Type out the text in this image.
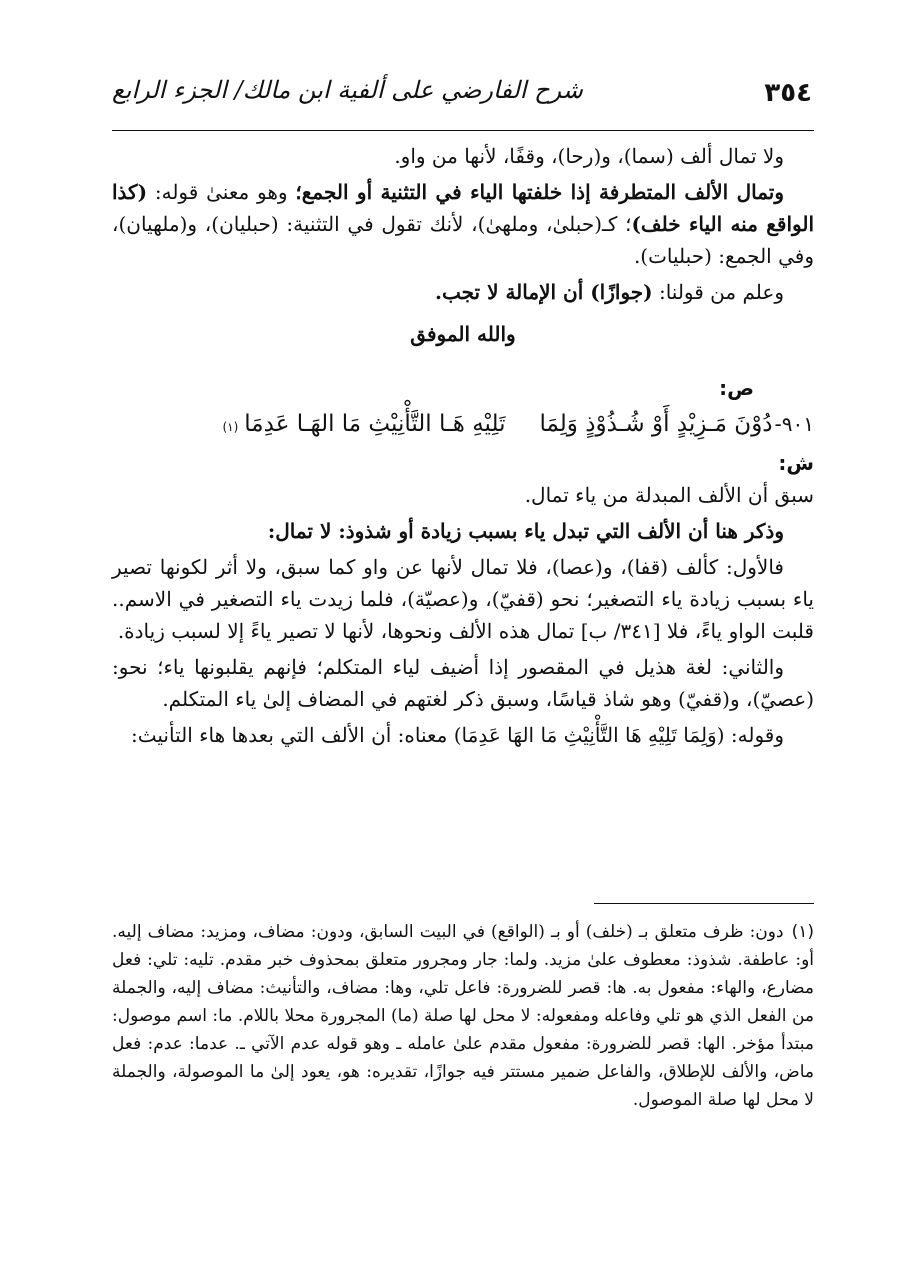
٣٥٤
شرح الفارضي على ألفية ابن مالك/ الجزء الرابع

ولا تمال ألف (سما)، و(رحا)، وقفًا، لأنها من واو.

وتمال الألف المتطرفة إذا خلفتها الياء في التثنية أو الجمع؛ وهو معنىٰ قوله: (كذا الواقع منه الياء خلف)؛ كـ(حبلىٰ، وملهىٰ)، لأنك تقول في التثنية: (حبليان)، و(ملهيان)، وفي الجمع: (حبليات).

وعلم من قولنا: (جوازًا) أن الإمالة لا تجب.

والله الموفق

ص:

٩٠١-
دُوْنَ مَـزِيْدٍ أَوْ شُـذُوْذٍ وَلِمَا
تَلِيْهِ هَـا التَّأْنِيْثِ مَا الهَـا عَدِمَا
(١)

ش:

سبق أن الألف المبدلة من ياء تمال.

وذكر هنا أن الألف التي تبدل ياء بسبب زيادة أو شذوذ: لا تمال:

فالأول: كألف (قفا)، و(عصا)، فلا تمال لأنها عن واو كما سبق، ولا أثر لكونها تصير ياء بسبب زيادة ياء التصغير؛ نحو (قفيّ)، و(عصيّة)، فلما زيدت ياء التصغير في الاسم.. قلبت الواو ياءً، فلا [٣٤١/ ب] تمال هذه الألف ونحوها، لأنها لا تصير ياءً إلا لسبب زيادة.

والثاني: لغة هذيل في المقصور إذا أضيف لياء المتكلم؛ فإنهم يقلبونها ياء؛ نحو: (عصيّ)، و(قفيّ) وهو شاذ قياسًا، وسبق ذكر لغتهم في المضاف إلىٰ ياء المتكلم.

وقوله: (وَلِمَا تَلِيْهِ هَا التَّأْنِيْثِ مَا الهَا عَدِمَا) معناه: أن الألف التي بعدها هاء التأنيث:

(١)دون: ظرف متعلق بـ (خلف) أو بـ (الواقع) في البيت السابق، ودون: مضاف، ومزيد: مضاف إليه. أو: عاطفة. شذوذ: معطوف علىٰ مزيد. ولما: جار ومجرور متعلق بمحذوف خبر مقدم. تليه: تلي: فعل مضارع، والهاء: مفعول به. ها: قصر للضرورة: فاعل تلي، وها: مضاف، والتأنيث: مضاف إليه، والجملة من الفعل الذي هو تلي وفاعله ومفعوله: لا محل لها صلة (ما) المجرورة محلا باللام. ما: اسم موصول: مبتدأ مؤخر. الها: قصر للضرورة: مفعول مقدم علىٰ عامله ـ وهو قوله عدم الآتي ـ. عدما: عدم: فعل ماض، والألف للإطلاق، والفاعل ضمير مستتر فيه جوازًا، تقديره: هو، يعود إلىٰ ما الموصولة، والجملة لا محل لها صلة الموصول.
